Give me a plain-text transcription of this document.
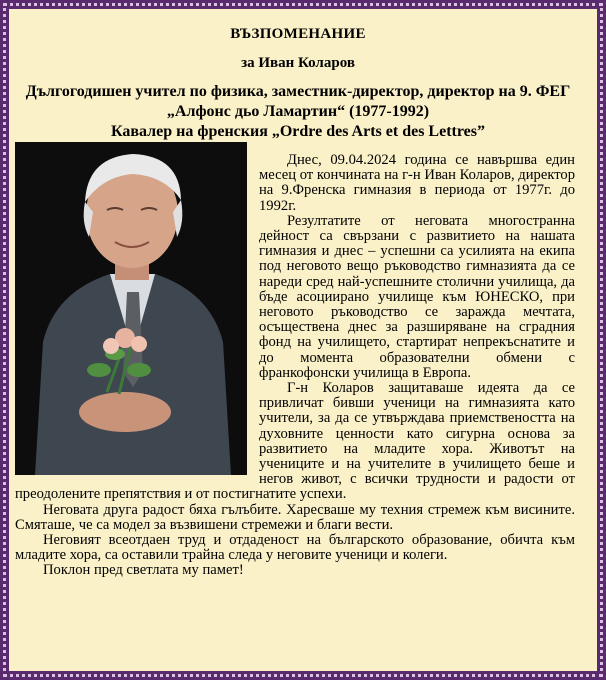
ВЪЗПОМЕНАНИЕ
за Иван Коларов
Дългогодишен учител по физика, заместник-директор, директор на 9. ФЕГ „Алфонс дьо Ламартин“ (1977-1992)
Кавалер на френския „Ordre des Arts et des Lettres”

Днес, 09.04.2024 година се навършва един месец от кончината на г-н Иван Коларов, директор на 9.Френска гимназия в периода от 1977г. до 1992г.

Резултатите от неговата многостранна дейност са свързани с развитието на нашата гимназия и днес – успешни са усилията на екипа под неговото вещо ръководство гимназията да се нареди сред най-успешните столични училища, да бъде асоциирано училище към ЮНЕСКО, при неговото ръководство се заражда мечтата, осъществена днес за разширяване на сградния фонд на училището, стартират непрекъснатите и до момента образователни обмени с франкофонски училища в Европа.

Г-н Коларов защитаваше идеята да се привличат бивши ученици на гимназията като учители, за да се утвърждава приемствеността на духовните ценности като сигурна основа за развитието на младите хора. Животът на учениците и на учителите в училището беше и негов живот, с всички трудности и радости от преодолените препятствия и от постигнатите успехи.

Неговата друга радост бяха гълъбите. Харесваше му техния стремеж към висините. Смяташе, че са модел за възвишени стремежи и благи вести.

Неговият всеотдаен труд и отдаденост на българското образование, обичта към младите хора, са оставили трайна следа у неговите ученици и колеги.

Поклон пред светлата му памет!
